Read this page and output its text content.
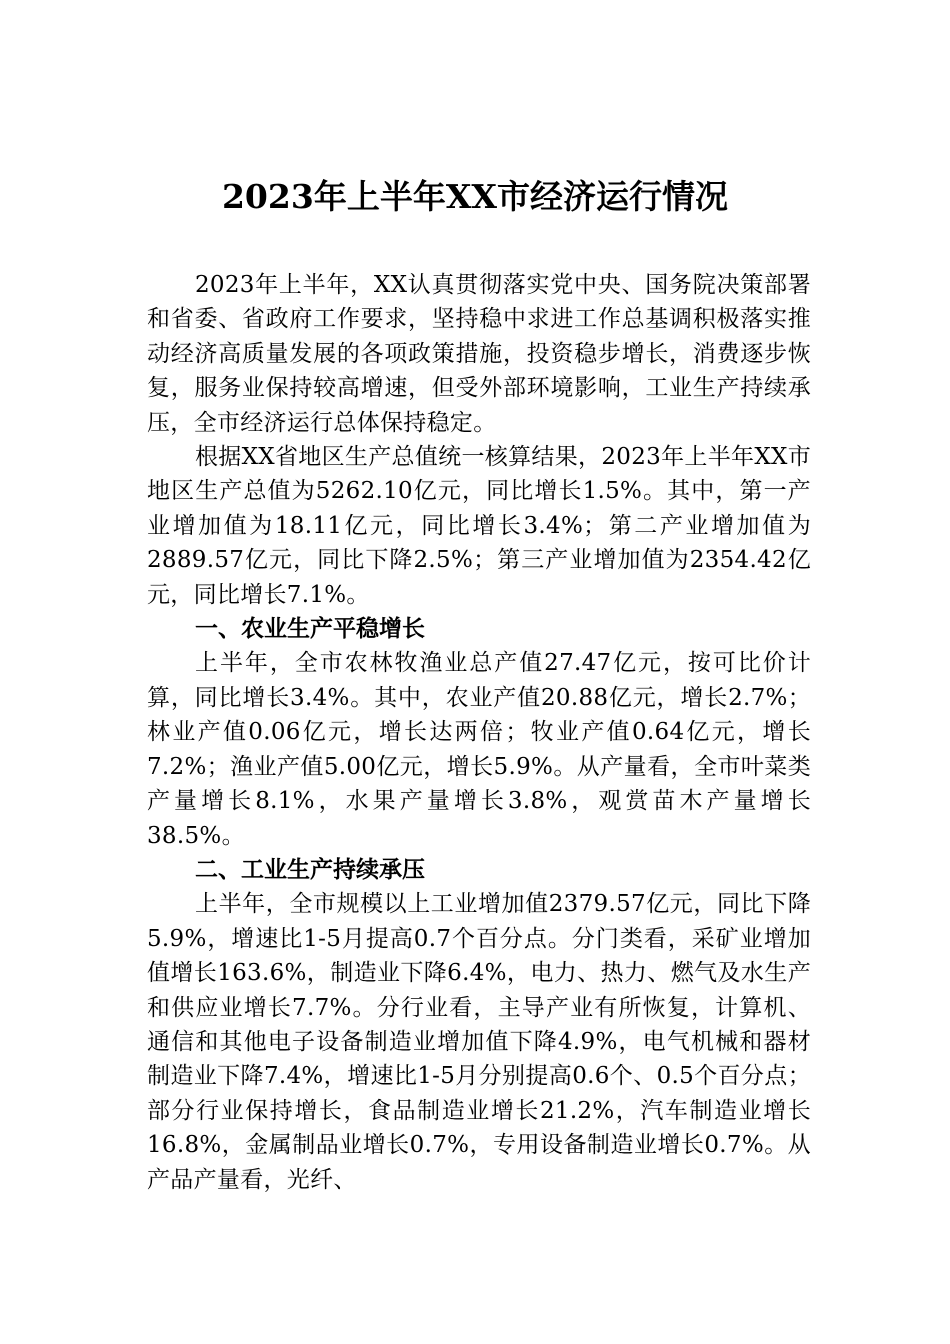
2023年上半年XX市经济运行情况

2023年上半年，XX认真贯彻落实党中央、国务院决策部署和省委、省政府工作要求，坚持稳中求进工作总基调积极落实推动经济高质量发展的各项政策措施，投资稳步增长，消费逐步恢复，服务业保持较高增速，但受外部环境影响，工业生产持续承压，全市经济运行总体保持稳定。

根据XX省地区生产总值统一核算结果，2023年上半年XX市地区生产总值为5262.10亿元，同比增长1.5%。其中，第一产业增加值为18.11亿元，同比增长3.4%；第二产业增加值为2889.57亿元，同比下降2.5%；第三产业增加值为2354.42亿元，同比增长7.1%。

一、农业生产平稳增长

上半年，全市农林牧渔业总产值27.47亿元，按可比价计算，同比增长3.4%。其中，农业产值20.88亿元，增长2.7%；林业产值0.06亿元，增长达两倍；牧业产值0.64亿元，增长7.2%；渔业产值5.00亿元，增长5.9%。从产量看，全市叶菜类产量增长8.1%，水果产量增长3.8%，观赏苗木产量增长38.5%。

二、工业生产持续承压

上半年，全市规模以上工业增加值2379.57亿元，同比下降5.9%，增速比1-5月提高0.7个百分点。分门类看，采矿业增加值增长163.6%，制造业下降6.4%，电力、热力、燃气及水生产和供应业增长7.7%。分行业看，主导产业有所恢复，计算机、通信和其他电子设备制造业增加值下降4.9%，电气机械和器材制造业下降7.4%，增速比1-5月分别提高0.6个、0.5个百分点；部分行业保持增长，食品制造业增长21.2%，汽车制造业增长16.8%，金属制品业增长0.7%，专用设备制造业增长0.7%。从产品产量看，光纤、
